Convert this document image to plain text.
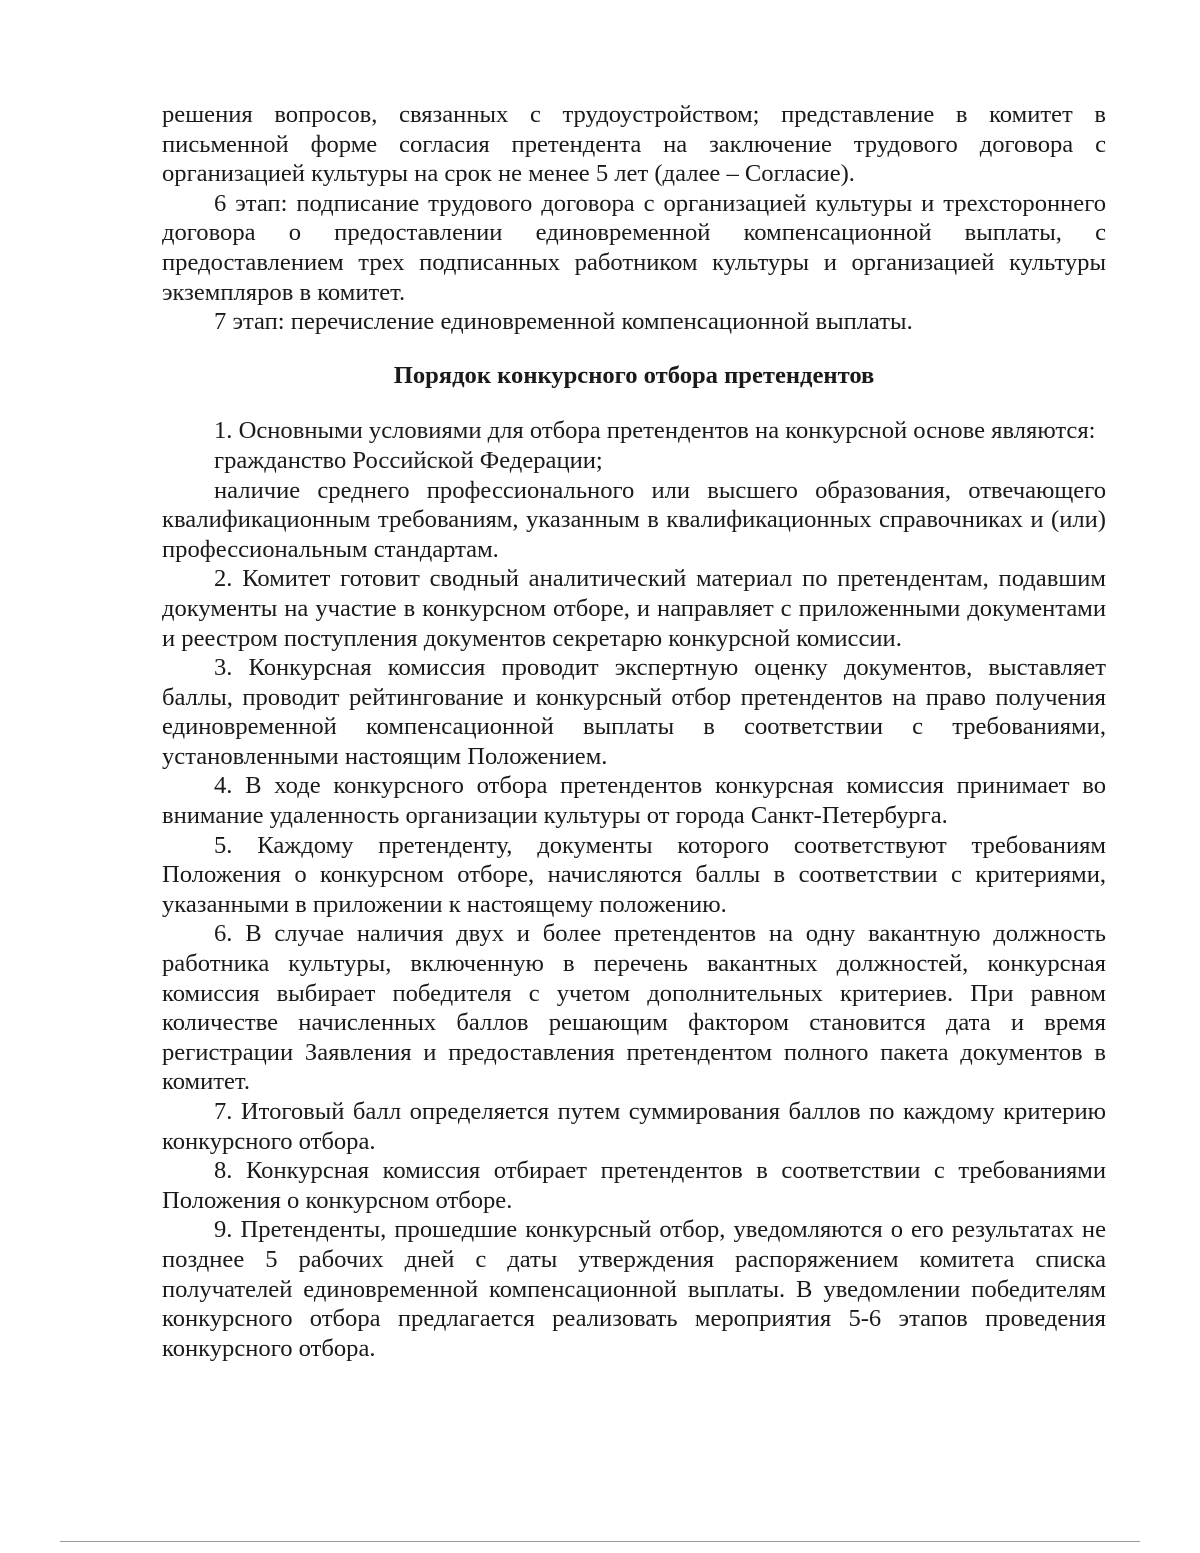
решения вопросов, связанных с трудоустройством; представление в комитет в письменной форме согласия претендента на заключение трудового договора с организацией культуры на срок не менее 5 лет (далее – Согласие).

6 этап: подписание трудового договора с организацией культуры и трехстороннего договора о предоставлении единовременной компенсационной выплаты, с предоставлением трех подписанных работником культуры и организацией культуры экземпляров в комитет.

7 этап: перечисление единовременной компенсационной выплаты.

Порядок конкурсного отбора претендентов

1. Основными условиями для отбора претендентов на конкурсной основе являются:

гражданство Российской Федерации;

наличие среднего профессионального или высшего образования, отвечающего квалификационным требованиям, указанным в квалификационных справочниках и (или) профессиональным стандартам.

2. Комитет готовит сводный аналитический материал по претендентам, подавшим документы на участие в конкурсном отборе, и направляет с приложенными документами и реестром поступления документов секретарю конкурсной комиссии.

3. Конкурсная комиссия проводит экспертную оценку документов, выставляет баллы, проводит рейтингование и конкурсный отбор претендентов на право получения единовременной компенсационной выплаты в соответствии с требованиями, установленными настоящим Положением.

4. В ходе конкурсного отбора претендентов конкурсная комиссия принимает во внимание удаленность организации культуры от города Санкт-Петербурга.

5. Каждому претенденту, документы которого соответствуют требованиям Положения о конкурсном отборе, начисляются баллы в соответствии с критериями, указанными в приложении к настоящему положению.

6. В случае наличия двух и более претендентов на одну вакантную должность работника культуры, включенную в перечень вакантных должностей, конкурсная комиссия выбирает победителя с учетом дополнительных критериев. При равном количестве начисленных баллов решающим фактором становится дата и время регистрации Заявления и предоставления претендентом полного пакета документов в комитет.

7. Итоговый балл определяется путем суммирования баллов по каждому критерию конкурсного отбора.

8. Конкурсная комиссия отбирает претендентов в соответствии с требованиями Положения о конкурсном отборе.

9. Претенденты, прошедшие конкурсный отбор, уведомляются о его результатах не позднее 5 рабочих дней с даты утверждения распоряжением комитета списка получателей единовременной компенсационной выплаты. В уведомлении победителям конкурсного отбора предлагается реализовать мероприятия 5-6 этапов проведения конкурсного отбора.
